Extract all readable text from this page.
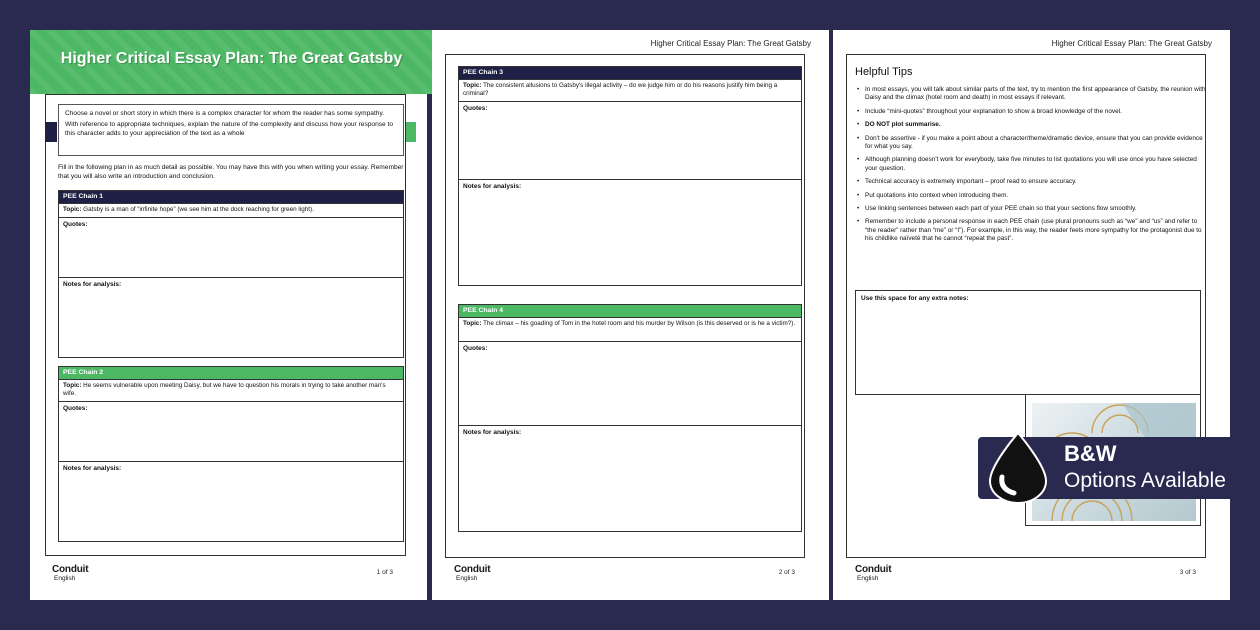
Higher Critical Essay Plan: The Great Gatsby

Choose a novel or short story in which there is a complex character for whom the reader has some sympathy.

With reference to appropriate techniques, explain the nature of the complexity and discuss how your response to this character adds to your appreciation of the text as a whole

Fill in the following plan in as much detail as possible. You may have this with you when writing your essay. Remember that you will also write an introduction and conclusion.
PEE Chain 1
Topic: Gatsby is a man of “infinite hope” (we see him at the dock reaching for green light).
Quotes:
Notes for analysis:
PEE Chain 2
Topic: He seems vulnerable upon meeting Daisy, but we have to question his morals in trying to take another man's wife.
Quotes:
Notes for analysis:
Conduit
English
1 of 3
Higher Critical Essay Plan: The Great Gatsby
PEE Chain 3
Topic: The consistent allusions to Gatsby's illegal activity – do we judge him or do his reasons justify him being a criminal?
Quotes:
Notes for analysis:
PEE Chain 4
Topic: The climax – his goading of Tom in the hotel room and his murder by Wilson (is this deserved or is he a victim?).
Quotes:
Notes for analysis:
Conduit
English
2 of 3
Higher Critical Essay Plan: The Great Gatsby
Helpful Tips
• In most essays, you will talk about similar parts of the text, try to mention the first appearance of Gatsby, the reunion with Daisy and the climax (hotel room and death) in most essays if relevant.
• Include “mini-quotes” throughout your explanation to show a broad knowledge of the novel.
• DO NOT plot summarise.
• Don't be assertive - if you make a point about a character/theme/dramatic device, ensure that you can provide evidence for what you say.
• Although planning doesn't work for everybody, take five minutes to list quotations you will use once you have selected your question.
• Technical accuracy is extremely important – proof read to ensure accuracy.
• Put quotations into context when introducing them.
• Use linking sentences between each part of your PEE chain so that your sections flow smoothly.
• Remember to include a personal response in each PEE chain (use plural pronouns such as “we” and “us” and refer to “the reader” rather than “me” or “I”). For example, in this way, the reader feels more sympathy for the protagonist due to his childlike naïveté that he cannot “repeat the past”.
Use this space for any extra notes:
Conduit
English
3 of 3
B&W
Options Available
